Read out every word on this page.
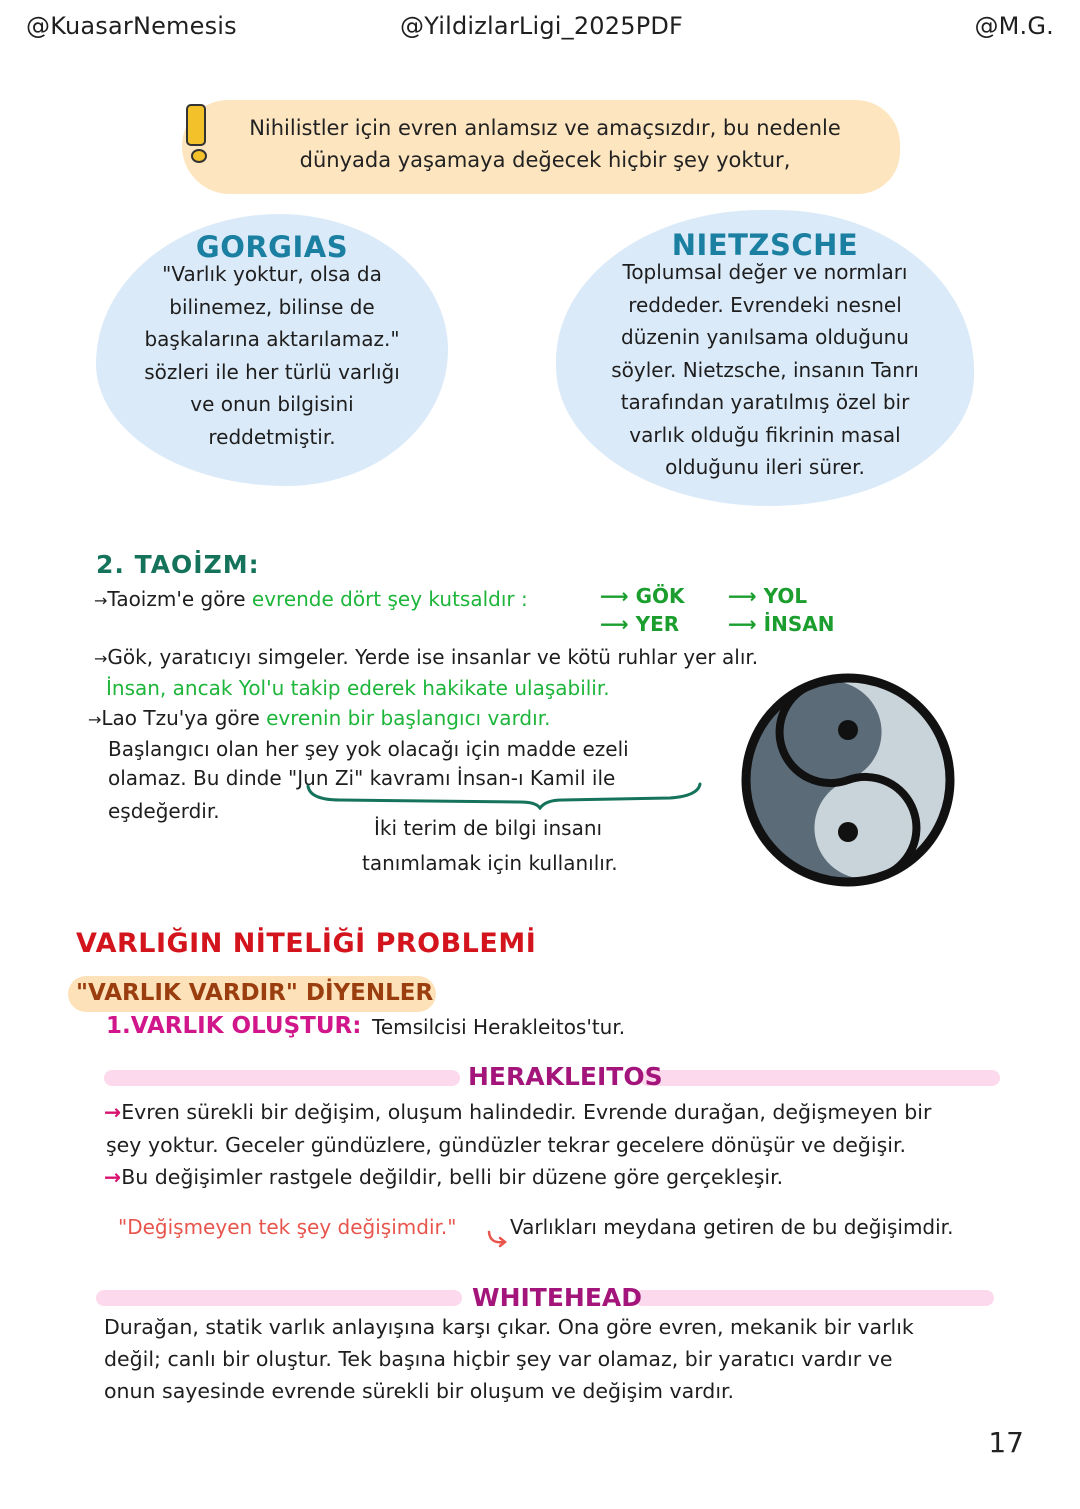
@KuasarNemesis	@YildizlarLigi_2025PDF	@M.G.
Nihilistler için evren anlamsız ve amaçsızdır, bu nedenle
dünyada yaşamaya değecek hiçbir şey yoktur,
GORGIAS
"Varlık yoktur, olsa da
bilinemez, bilinse de
başkalarına aktarılamaz."
sözleri ile her türlü varlığı
ve onun bilgisini
reddetmiştir.
NIETZSCHE
Toplumsal değer ve normları
reddeder. Evrendeki nesnel
düzenin yanılsama olduğunu
söyler. Nietzsche, insanın Tanrı
tarafından yaratılmış özel bir
varlık olduğu fikrinin masal
olduğunu ileri sürer.
2. TAOİZM:
→Taoizm'e göre evrende dört şey kutsaldır :	⟶ GÖK ⟶ YOL
⟶ YER ⟶ İNSAN
→Gök, yaratıcıyı simgeler. Yerde ise insanlar ve kötü ruhlar yer alır.
İnsan, ancak Yol'u takip ederek hakikate ulaşabilir.
→Lao Tzu'ya göre evrenin bir başlangıcı vardır.
Başlangıcı olan her şey yok olacağı için madde ezeli
olamaz. Bu dinde "Jun Zi" kavramı İnsan-ı Kamil ile
eşdeğerdir.
İki terim de bilgi insanı
tanımlamak için kullanılır.
VARLIĞIN NİTELİĞİ PROBLEMİ
"VARLIK VARDIR" DİYENLER
1.VARLIK OLUŞTUR: Temsilcisi Herakleitos'tur.
HERAKLEITOS
→Evren sürekli bir değişim, oluşum halindedir. Evrende durağan, değişmeyen bir
şey yoktur. Geceler gündüzlere, gündüzler tekrar gecelere dönüşür ve değişir.
→Bu değişimler rastgele değildir, belli bir düzene göre gerçekleşir.
"Değişmeyen tek şey değişimdir."	Varlıkları meydana getiren de bu değişimdir.
WHITEHEAD
Durağan, statik varlık anlayışına karşı çıkar. Ona göre evren, mekanik bir varlık
değil; canlı bir oluştur. Tek başına hiçbir şey var olamaz, bir yaratıcı vardır ve
onun sayesinde evrende sürekli bir oluşum ve değişim vardır.
17
